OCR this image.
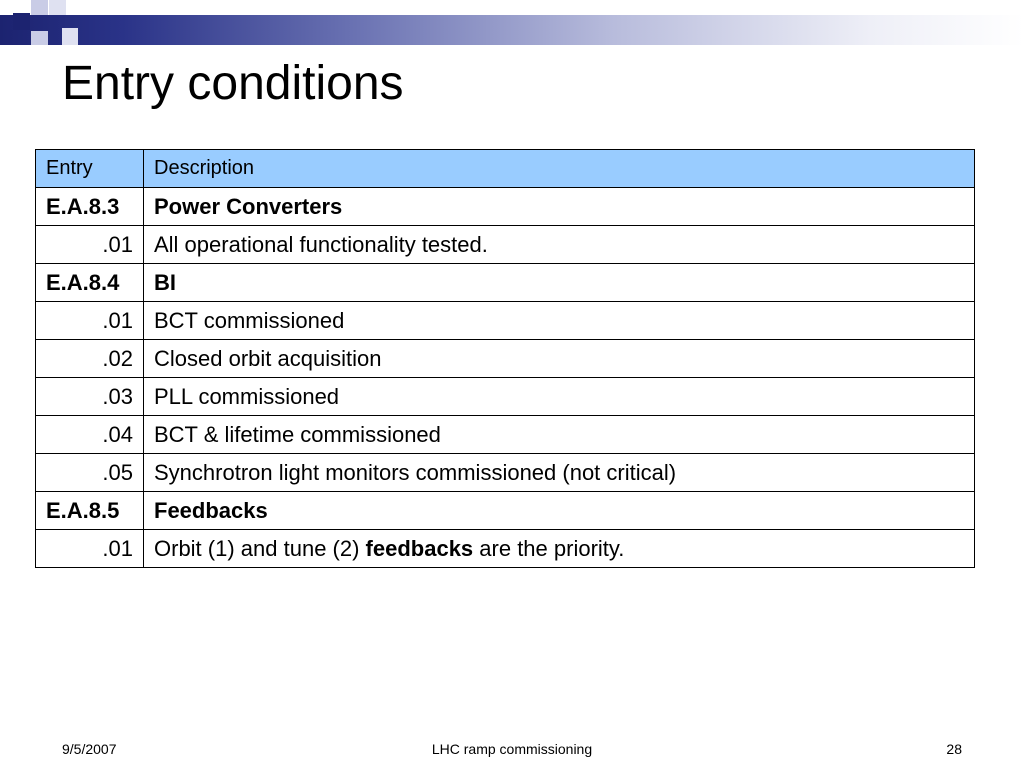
Entry conditions
Entry	Description
E.A.8.3	Power Converters
.01	All operational functionality tested.
E.A.8.4	BI
.01	BCT commissioned
.02	Closed orbit acquisition
.03	PLL commissioned
.04	BCT & lifetime commissioned
.05	Synchrotron light monitors commissioned (not critical)
E.A.8.5	Feedbacks
.01	Orbit (1) and tune (2) feedbacks are the priority.
9/5/2007	LHC ramp commissioning	28
